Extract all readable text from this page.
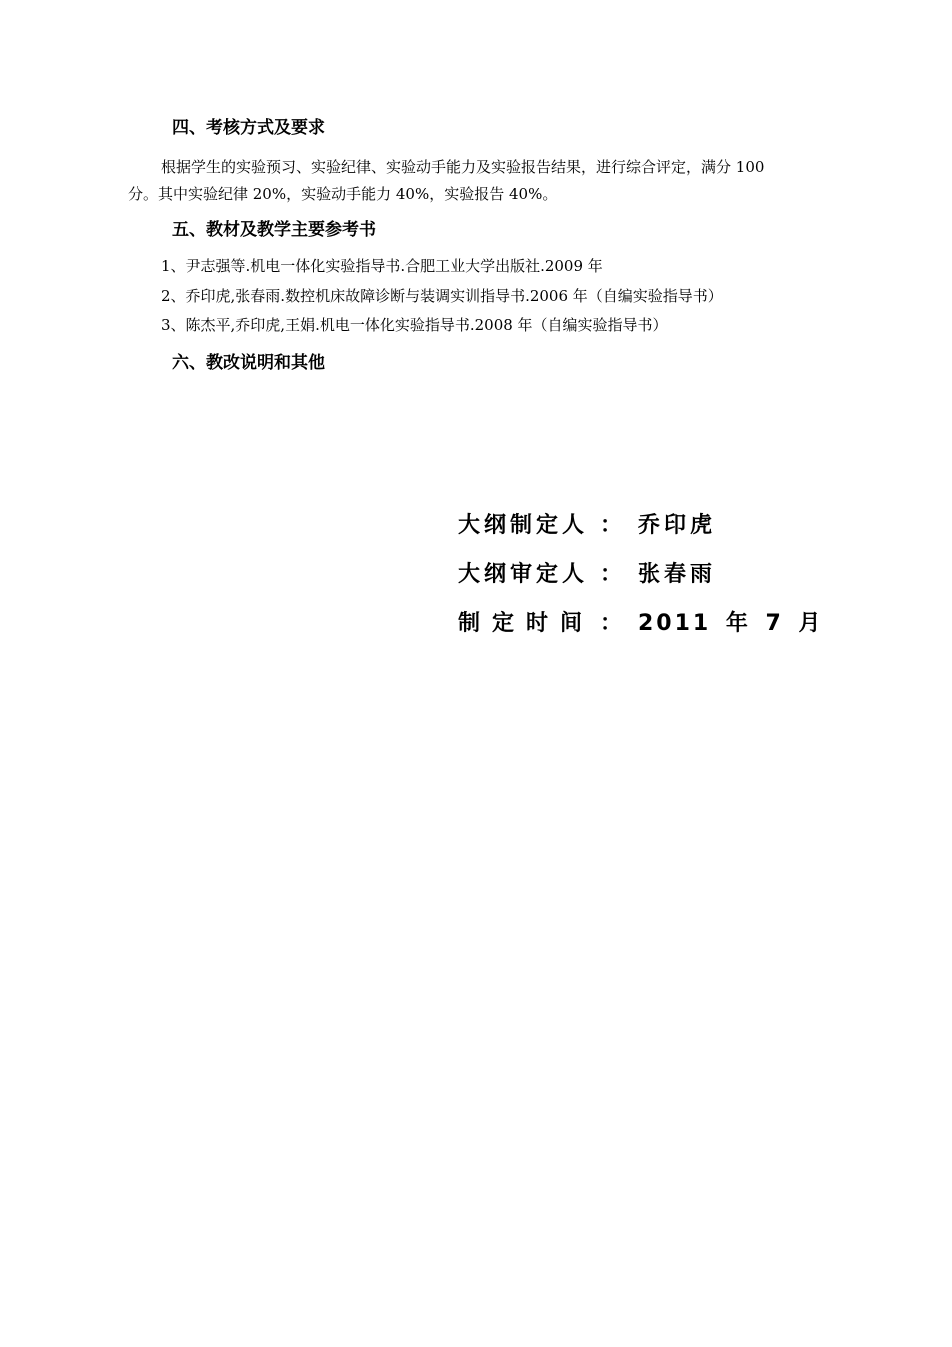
四、考核方式及要求
根据学生的实验预习、实验纪律、实验动手能力及实验报告结果，进行综合评定，满分 100
分。其中实验纪律 20%，实验动手能力 40%，实验报告 40%。
五、教材及教学主要参考书
1、尹志强等.机电一体化实验指导书.合肥工业大学出版社.2009 年
2、乔印虎,张春雨.数控机床故障诊断与装调实训指导书.2006 年（自编实验指导书）
3、陈杰平,乔印虎,王娟.机电一体化实验指导书.2008 年（自编实验指导书）
六、教改说明和其他
大纲制定人 ： 乔印虎
大纲审定人 ： 张春雨
制定时间 ： 2011 年 7 月
